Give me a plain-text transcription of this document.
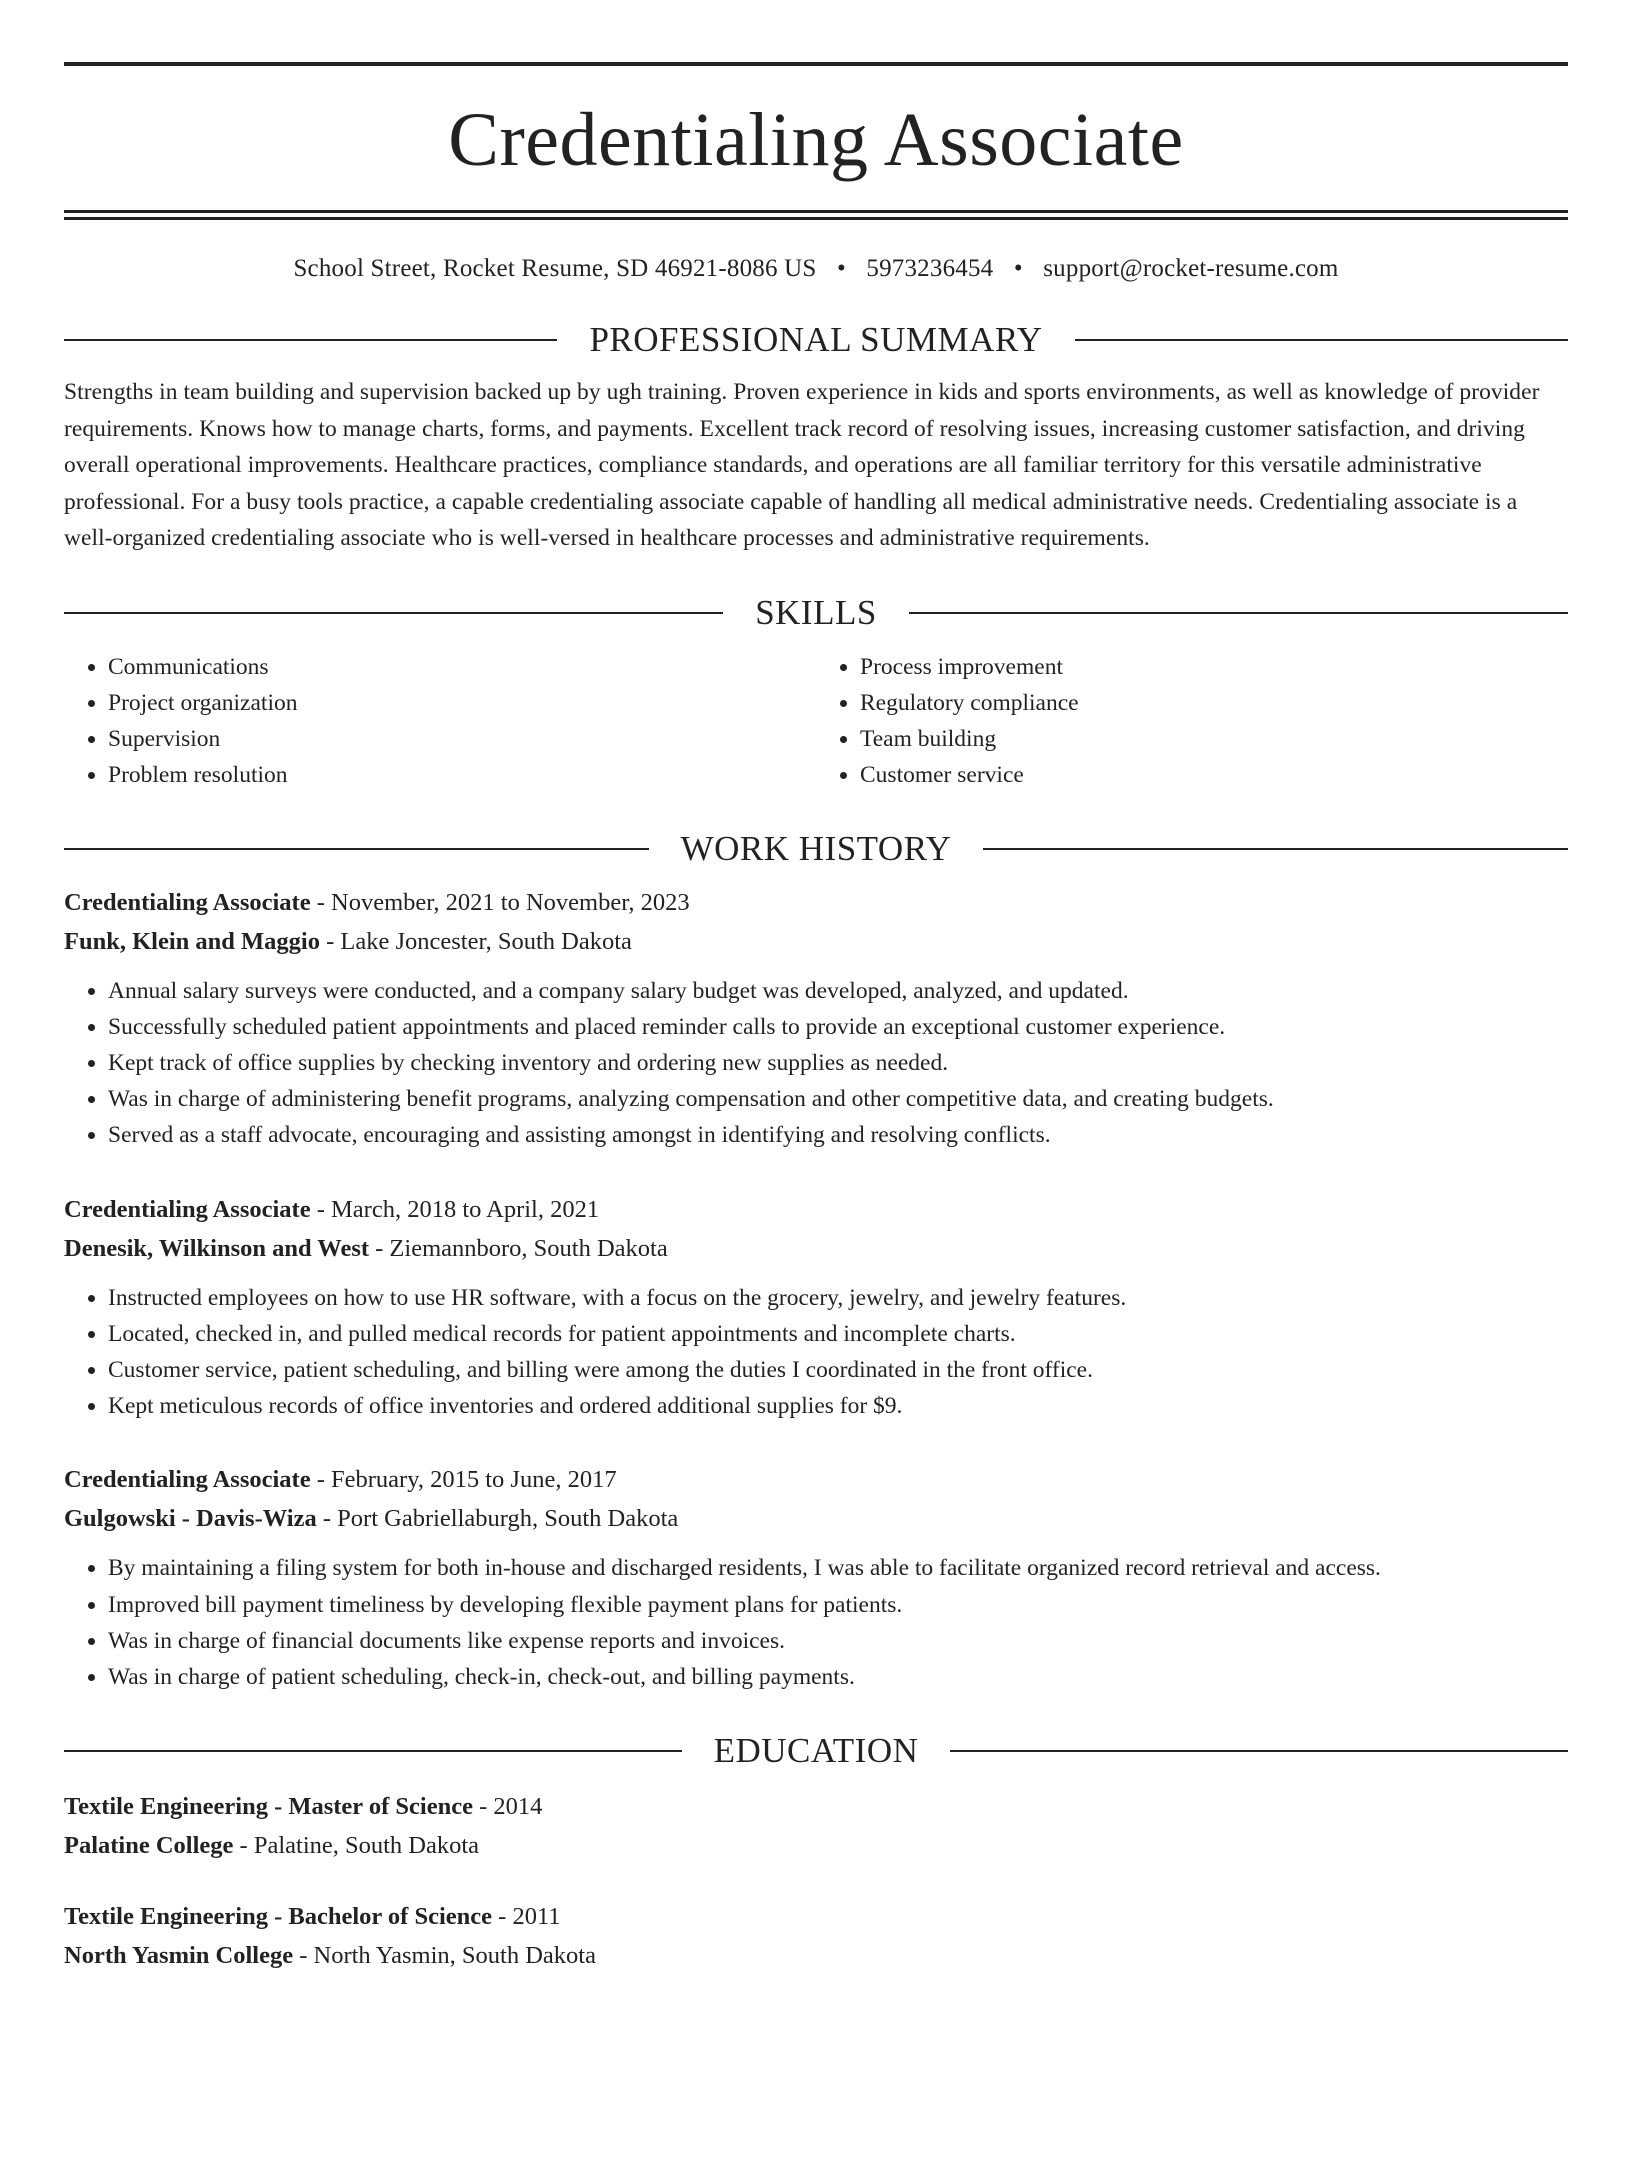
Credentialing Associate
School Street, Rocket Resume, SD 46921-8086 US • 5973236454 • support@rocket-resume.com
PROFESSIONAL SUMMARY
Strengths in team building and supervision backed up by ugh training. Proven experience in kids and sports environments, as well as knowledge of provider requirements. Knows how to manage charts, forms, and payments. Excellent track record of resolving issues, increasing customer satisfaction, and driving overall operational improvements. Healthcare practices, compliance standards, and operations are all familiar territory for this versatile administrative professional. For a busy tools practice, a capable credentialing associate capable of handling all medical administrative needs. Credentialing associate is a well-organized credentialing associate who is well-versed in healthcare processes and administrative requirements.
SKILLS
• Communications
• Project organization
• Supervision
• Problem resolution
• Process improvement
• Regulatory compliance
• Team building
• Customer service
WORK HISTORY
Credentialing Associate - November, 2021 to November, 2023
Funk, Klein and Maggio - Lake Joncester, South Dakota
• Annual salary surveys were conducted, and a company salary budget was developed, analyzed, and updated.
• Successfully scheduled patient appointments and placed reminder calls to provide an exceptional customer experience.
• Kept track of office supplies by checking inventory and ordering new supplies as needed.
• Was in charge of administering benefit programs, analyzing compensation and other competitive data, and creating budgets.
• Served as a staff advocate, encouraging and assisting amongst in identifying and resolving conflicts.
Credentialing Associate - March, 2018 to April, 2021
Denesik, Wilkinson and West - Ziemannboro, South Dakota
• Instructed employees on how to use HR software, with a focus on the grocery, jewelry, and jewelry features.
• Located, checked in, and pulled medical records for patient appointments and incomplete charts.
• Customer service, patient scheduling, and billing were among the duties I coordinated in the front office.
• Kept meticulous records of office inventories and ordered additional supplies for $9.
Credentialing Associate - February, 2015 to June, 2017
Gulgowski - Davis-Wiza - Port Gabriellaburgh, South Dakota
• By maintaining a filing system for both in-house and discharged residents, I was able to facilitate organized record retrieval and access.
• Improved bill payment timeliness by developing flexible payment plans for patients.
• Was in charge of financial documents like expense reports and invoices.
• Was in charge of patient scheduling, check-in, check-out, and billing payments.
EDUCATION
Textile Engineering - Master of Science - 2014
Palatine College - Palatine, South Dakota
Textile Engineering - Bachelor of Science - 2011
North Yasmin College - North Yasmin, South Dakota
